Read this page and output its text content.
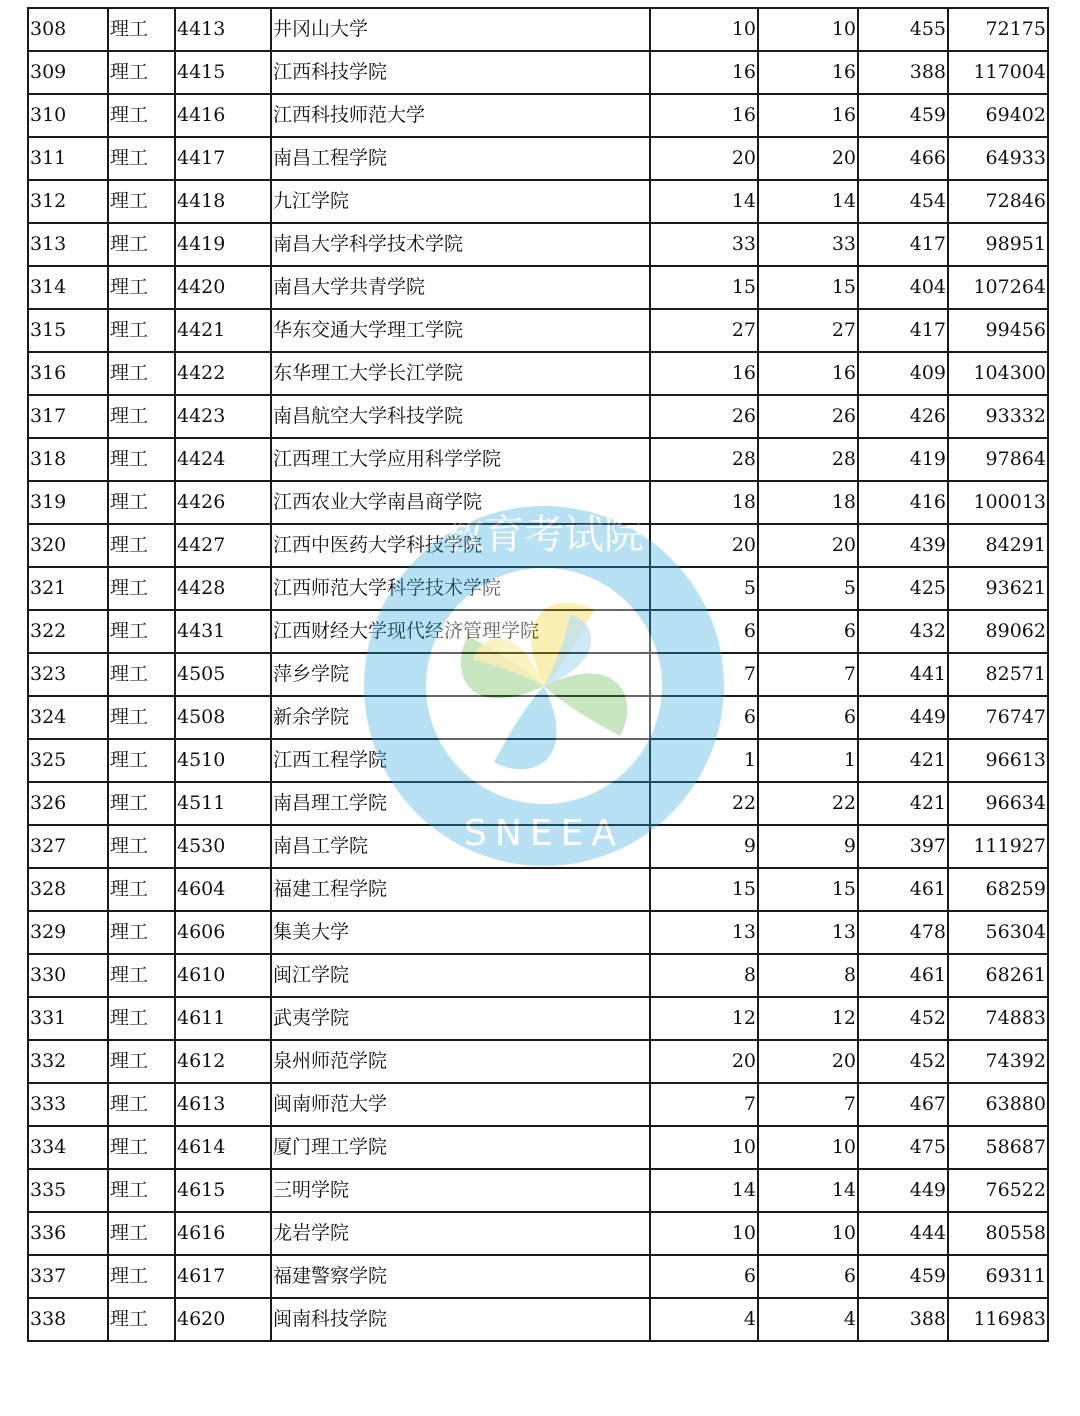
308	理工	4413	井冈山大学	10	10	455	72175
309	理工	4415	江西科技学院	16	16	388	117004
310	理工	4416	江西科技师范大学	16	16	459	69402
311	理工	4417	南昌工程学院	20	20	466	64933
312	理工	4418	九江学院	14	14	454	72846
313	理工	4419	南昌大学科学技术学院	33	33	417	98951
314	理工	4420	南昌大学共青学院	15	15	404	107264
315	理工	4421	华东交通大学理工学院	27	27	417	99456
316	理工	4422	东华理工大学长江学院	16	16	409	104300
317	理工	4423	南昌航空大学科技学院	26	26	426	93332
318	理工	4424	江西理工大学应用科学学院	28	28	419	97864
319	理工	4426	江西农业大学南昌商学院	18	18	416	100013
320	理工	4427	江西中医药大学科技学院	20	20	439	84291
321	理工	4428	江西师范大学科学技术学院	5	5	425	93621
322	理工	4431	江西财经大学现代经济管理学院	6	6	432	89062
323	理工	4505	萍乡学院	7	7	441	82571
324	理工	4508	新余学院	6	6	449	76747
325	理工	4510	江西工程学院	1	1	421	96613
326	理工	4511	南昌理工学院	22	22	421	96634
327	理工	4530	南昌工学院	9	9	397	111927
328	理工	4604	福建工程学院	15	15	461	68259
329	理工	4606	集美大学	13	13	478	56304
330	理工	4610	闽江学院	8	8	461	68261
331	理工	4611	武夷学院	12	12	452	74883
332	理工	4612	泉州师范学院	20	20	452	74392
333	理工	4613	闽南师范大学	7	7	467	63880
334	理工	4614	厦门理工学院	10	10	475	58687
335	理工	4615	三明学院	14	14	449	76522
336	理工	4616	龙岩学院	10	10	444	80558
337	理工	4617	福建警察学院	6	6	459	69311
338	理工	4620	闽南科技学院	4	4	388	116983
教育考试院
SNEEA
